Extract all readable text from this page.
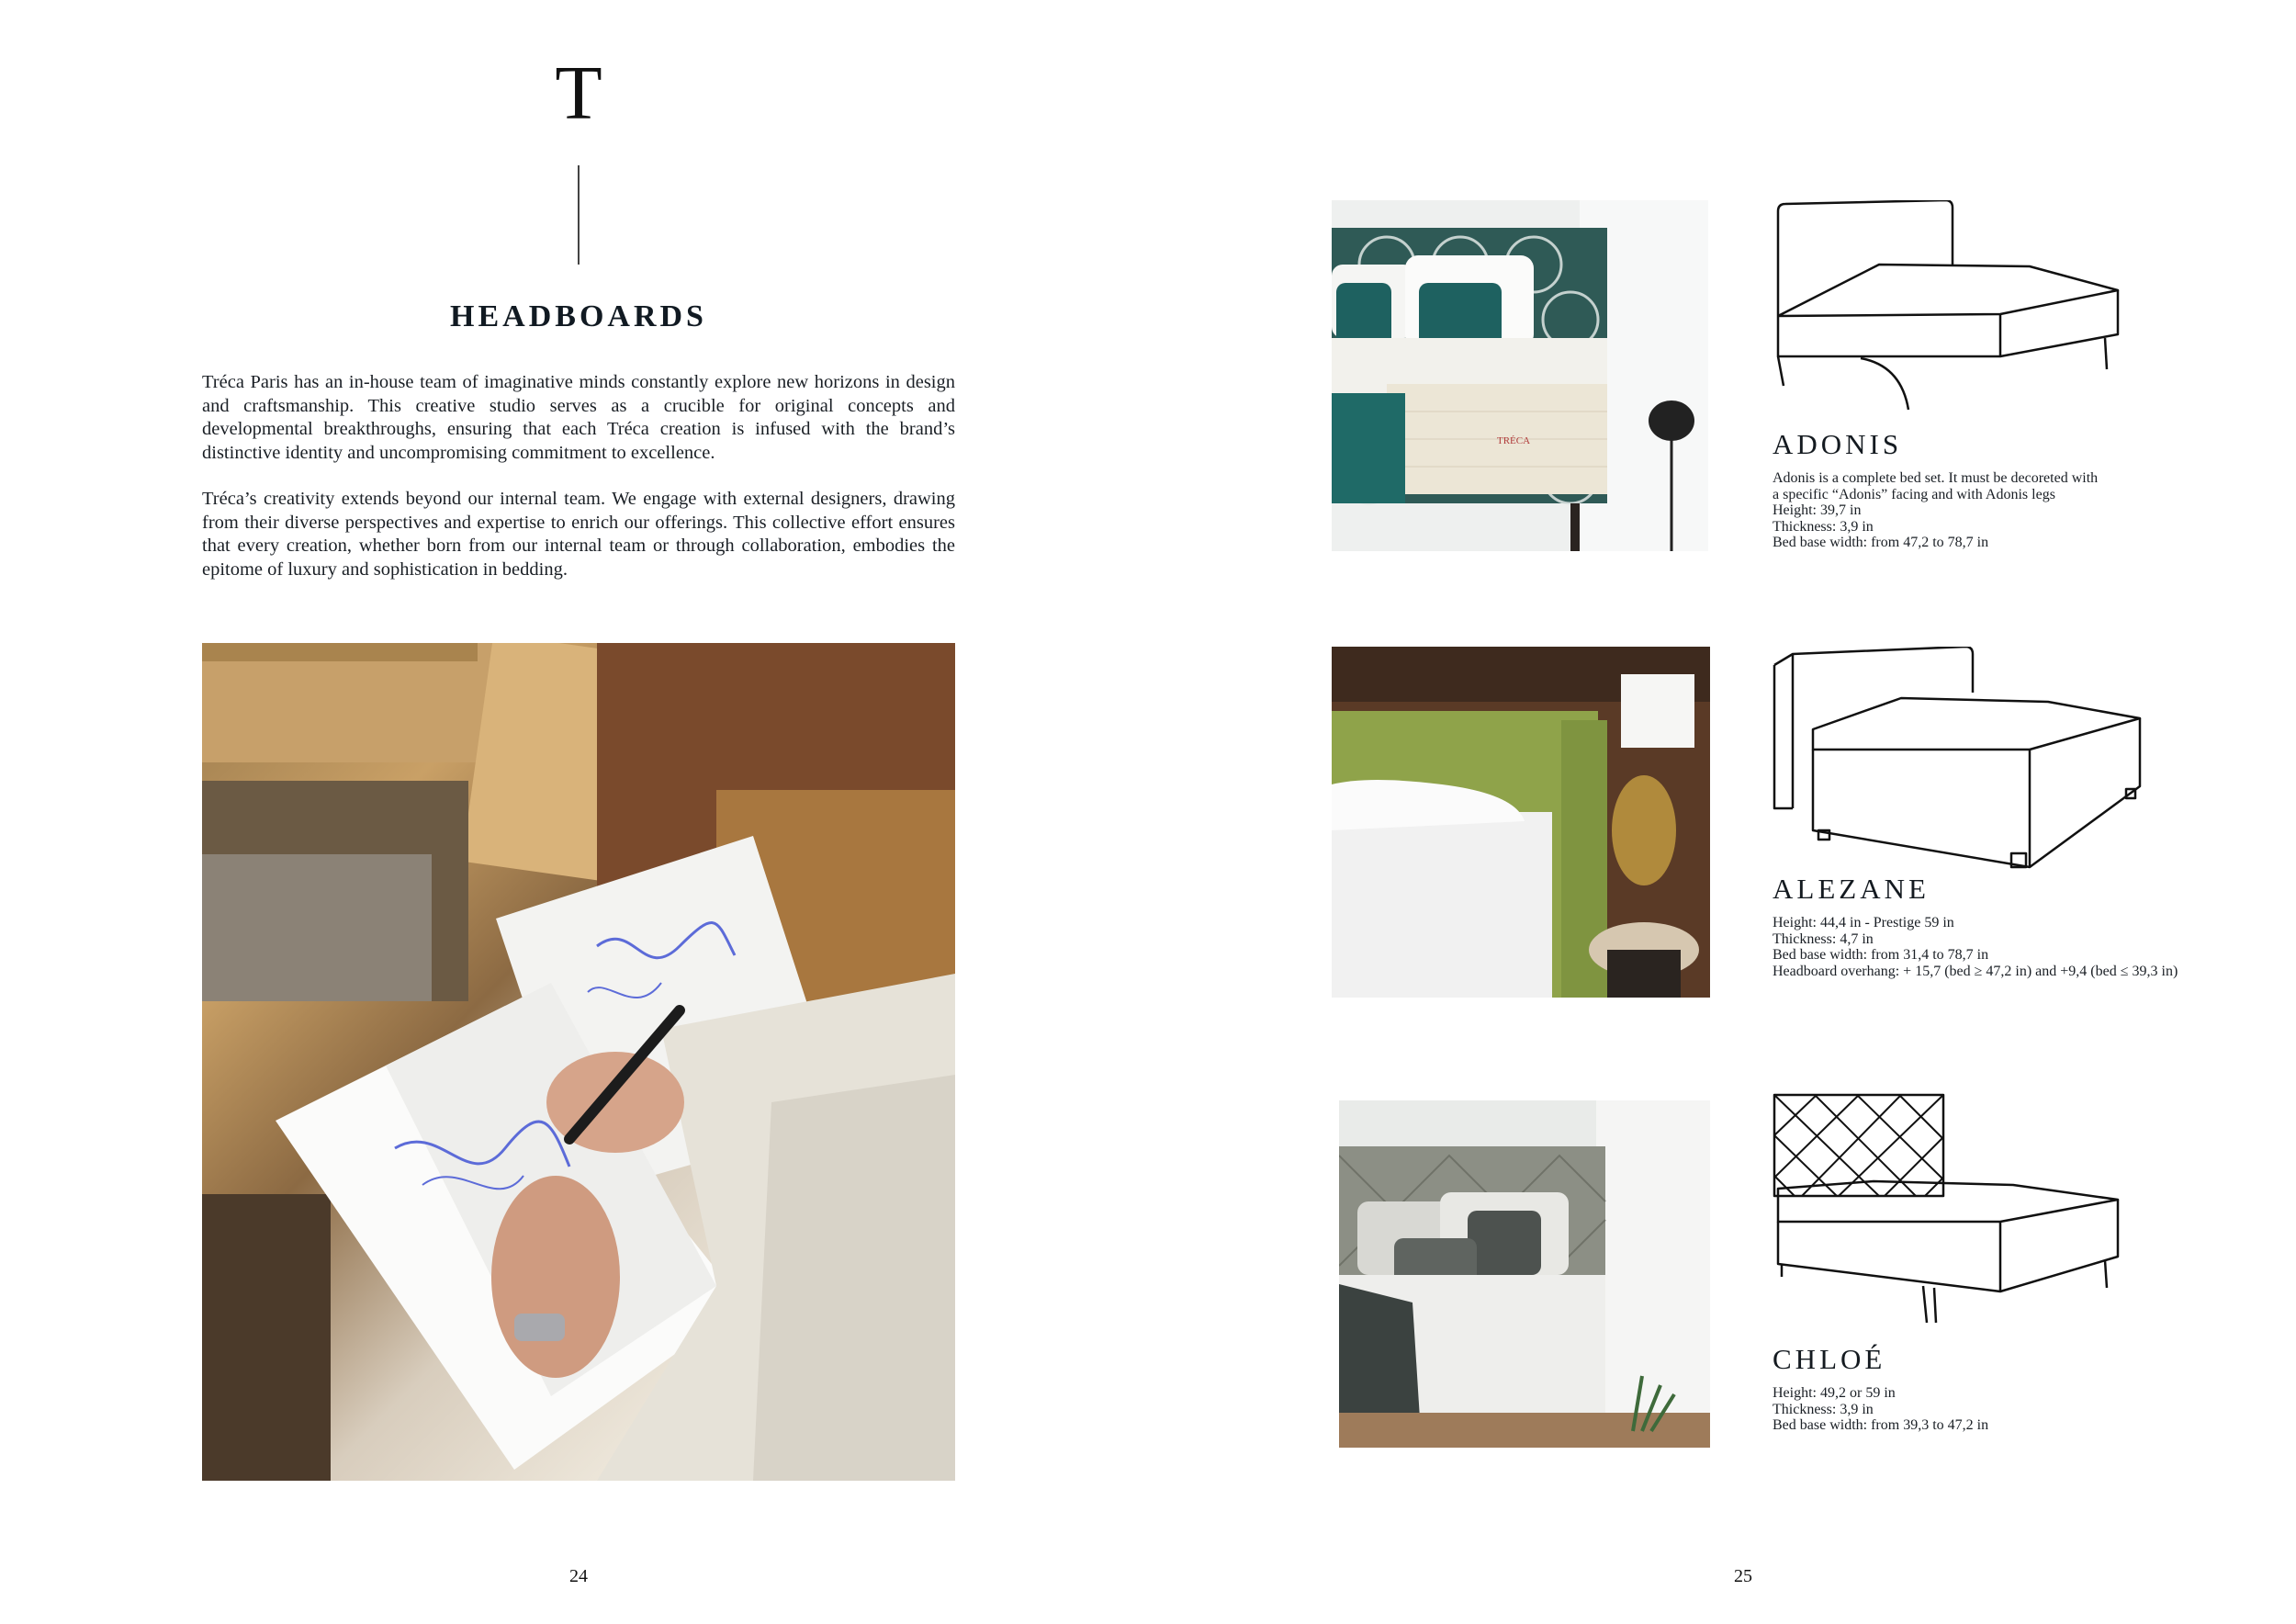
T
HEADBOARDS

Tréca Paris has an in-house team of imaginative minds constantly explore new horizons in design and craftsmanship. This creative studio serves as a crucible for original concepts and developmental breakthroughs, ensuring that each Tréca creation is infused with the brand’s distinctive identity and uncompromising commitment to excellence.

Tréca’s creativity extends beyond our internal team. We engage with external designers, drawing from their diverse perspectives and expertise to enrich our offerings. This collective effort ensures that every creation, whether born from our internal team or through collaboration, embodies the epitome of luxury and sophistication in bedding.

24
TRÉCA	ADONIS
Adonis is a complete bed set. It must be decoreted with
a specific “Adonis” facing and with Adonis legs
Height: 39,7 in
Thickness: 3,9 in
Bed base width: from 47,2 to 78,7 in
ALEZANE
Height: 44,4 in - Prestige 59 in
Thickness: 4,7 in
Bed base width: from 31,4 to 78,7 in
Headboard overhang: + 15,7 (bed ≥ 47,2 in) and +9,4 (bed ≤ 39,3 in)
CHLOÉ
Height: 49,2 or 59 in
Thickness: 3,9 in
Bed base width: from 39,3 to 47,2 in
25
